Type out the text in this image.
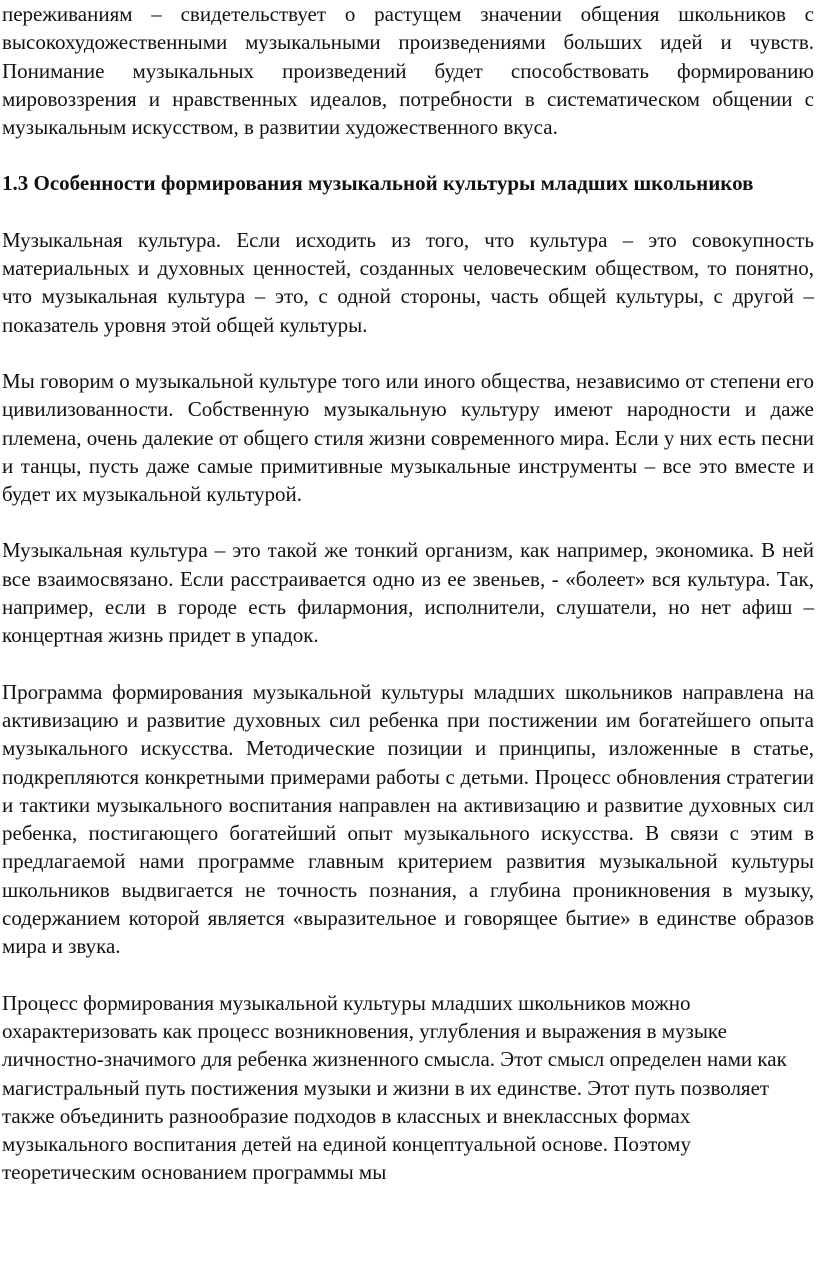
переживаниям – свидетельствует о растущем значении общения школьников с высокохудожественными музыкальными произведениями больших идей и чувств. Понимание музыкальных произведений будет способствовать формированию мировоззрения и нравственных идеалов, потребности в систематическом общении с музыкальным искусством, в развитии художественного вкуса.

1.3 Особенности формирования музыкальной культуры младших школьников

Музыкальная культура. Если исходить из того, что культура – это совокупность материальных и духовных ценностей, созданных человеческим обществом, то понятно, что музыкальная культура – это, с одной стороны, часть общей культуры, с другой – показатель уровня этой общей культуры.

Мы говорим о музыкальной культуре того или иного общества, независимо от степени его цивилизованности. Собственную музыкальную культуру имеют народности и даже племена, очень далекие от общего стиля жизни современного мира. Если у них есть песни и танцы, пусть даже самые примитивные музыкальные инструменты – все это вместе и будет их музыкальной культурой.

Музыкальная культура – это такой же тонкий организм, как например, экономика. В ней все взаимосвязано. Если расстраивается одно из ее звеньев, - «болеет» вся культура. Так, например, если в городе есть филармония, исполнители, слушатели, но нет афиш – концертная жизнь придет в упадок.

Программа формирования музыкальной культуры младших школьников направлена на активизацию и развитие духовных сил ребенка при постижении им богатейшего опыта музыкального искусства. Методические позиции и принципы, изложенные в статье, подкрепляются конкретными примерами работы с детьми. Процесс обновления стратегии и тактики музыкального воспитания направлен на активизацию и развитие духовных сил ребенка, постигающего богатейший опыт музыкального искусства. В связи с этим в предлагаемой нами программе главным критерием развития музыкальной культуры школьников выдвигается не точность познания, а глубина проникновения в музыку, содержанием которой является «выразительное и говорящее бытие» в единстве образов мира и звука.

Процесс формирования музыкальной культуры младших школьников можно охарактеризовать как процесс возникновения, углубления и выражения в музыке личностно-значимого для ребенка жизненного смысла. Этот смысл определен нами как магистральный путь постижения музыки и жизни в их единстве. Этот путь позволяет также объединить разнообразие подходов в классных и внеклассных формах музыкального воспитания детей на единой концептуальной основе. Поэтому теоретическим основанием программы мы
